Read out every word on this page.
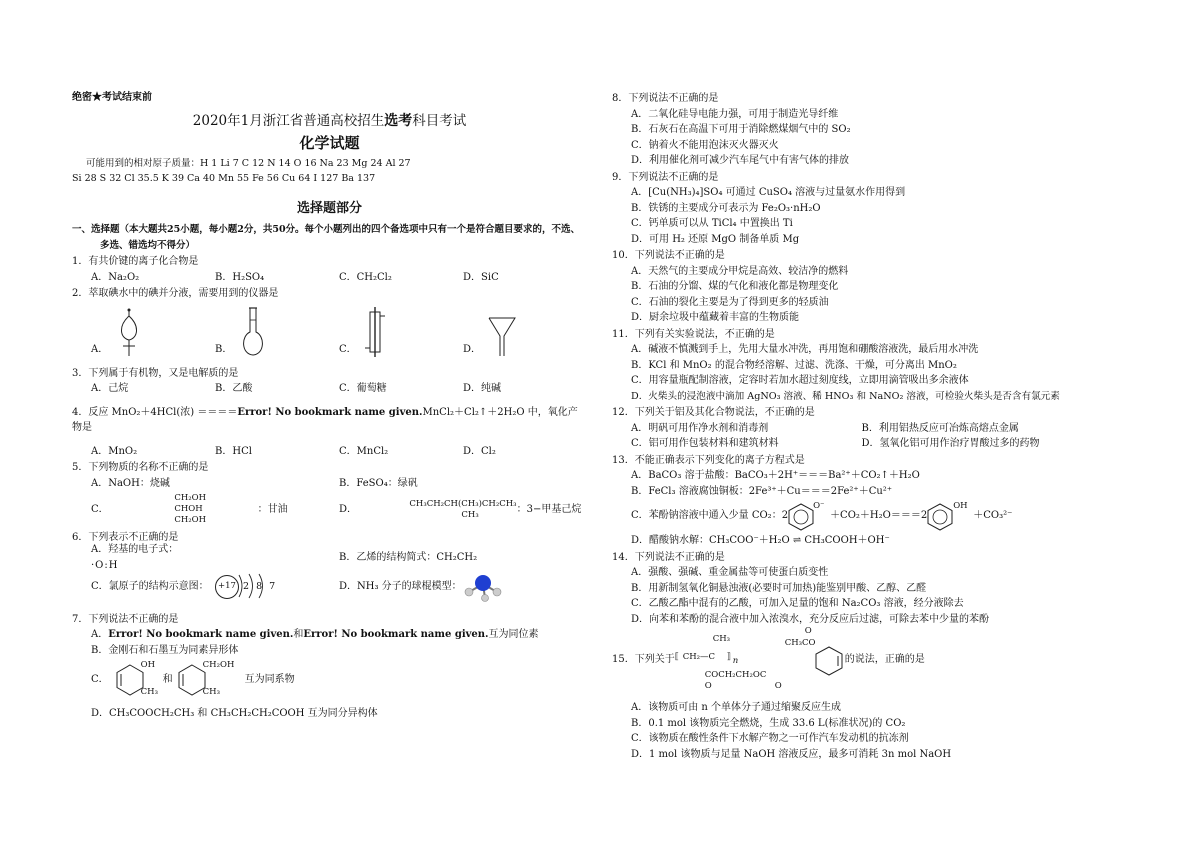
绝密★考试结束前
2020年1月浙江省普通高校招生选考科目考试
化学试题
可能用到的相对原子质量：H 1 Li 7 C 12 N 14 O 16 Na 23 Mg 24 Al 27
Si 28 S 32 Cl 35.5 K 39 Ca 40 Mn 55 Fe 56 Cu 64 I 127 Ba 137
选择题部分
一、选择题（本大题共25小题，每小题2分，共50分。每个小题列出的四个备选项中只有一个是符合题目要求的，不选、多选、错选均不得分）
1．有共价键的离子化合物是
A．Na₂O₂	B．H₂SO₄	C．CH₂Cl₂	D．SiC
2．萃取碘水中的碘并分液，需要用到的仪器是
A．	B．	C．	D．
3．下列属于有机物，又是电解质的是
A．己烷	B．乙酸	C．葡萄糖	D．纯碱
4．反应 MnO₂＋4HCl(浓) ＝＝＝＝Error! No bookmark name given.MnCl₂＋Cl₂↑＋2H₂O 中，氧化产物是
A．MnO₂	B．HCl	C．MnCl₂	D．Cl₂
5．下列物质的名称不正确的是
A．NaOH：烧碱	B．FeSO₄：绿矾
C．
CH₂OH
CHOH
CH₂OH
：甘油	D．
CH₃CH₂CH(CH₃)CH₂CH₃
CH₃	：3−甲基己烷
6．下列表示不正确的是
A．羟基的电子式：
·O:H
B．乙烯的结构简式：CH₂CH₂
C．氯原子的结构示意图：	+17 2 8 7	D．NH₃ 分子的球棍模型：
7．下列说法不正确的是
A．Error! No bookmark name given.和Error! No bookmark name given.互为同位素
B．金刚石和石墨互为同素异形体
C．
OH
CH₃
和
CH₂OH
CH₃
互为同系物
D．CH₃COOCH₂CH₃ 和 CH₃CH₂CH₂COOH 互为同分异构体
8．下列说法不正确的是
A．二氧化硅导电能力强，可用于制造光导纤维
B．石灰石在高温下可用于消除燃煤烟气中的 SO₂
C．钠着火不能用泡沫灭火器灭火
D．利用催化剂可减少汽车尾气中有害气体的排放
9．下列说法不正确的是
A．[Cu(NH₃)₄]SO₄ 可通过 CuSO₄ 溶液与过量氨水作用得到
B．铁锈的主要成分可表示为 Fe₂O₃·nH₂O
C．钙单质可以从 TiCl₄ 中置换出 Ti
D．可用 H₂ 还原 MgO 制备单质 Mg
10．下列说法不正确的是
A．天然气的主要成分甲烷是高效、较洁净的燃料
B．石油的分馏、煤的气化和液化都是物理变化
C．石油的裂化主要是为了得到更多的轻质油
D．厨余垃圾中蕴藏着丰富的生物质能
11．下列有关实验说法，不正确的是
A．碱液不慎溅到手上，先用大量水冲洗，再用饱和硼酸溶液洗，最后用水冲洗
B．KCl 和 MnO₂ 的混合物经溶解、过滤、洗涤、干燥，可分离出 MnO₂
C．用容量瓶配制溶液，定容时若加水超过刻度线，立即用滴管吸出多余液体
D．火柴头的浸泡液中滴加 AgNO₃ 溶液、稀 HNO₃ 和 NaNO₂ 溶液，可检验火柴头是否含有氯元素
12．下列关于铝及其化合物说法，不正确的是
A．明矾可用作净水剂和消毒剂	B．利用铝热反应可冶炼高熔点金属
C．铝可用作包装材料和建筑材料	D．氢氧化铝可用作治疗胃酸过多的药物
13．不能正确表示下列变化的离子方程式是
A．BaCO₃ 溶于盐酸：BaCO₃＋2H⁺＝＝＝Ba²⁺＋CO₂↑＋H₂O
B．FeCl₃ 溶液腐蚀铜板：2Fe³⁺＋Cu＝＝＝2Fe²⁺＋Cu²⁺
C．苯酚钠溶液中通入少量 CO₂：2
O⁻
＋CO₂＋H₂O＝＝＝2
OH
＋CO₃²⁻
D．醋酸钠水解：CH₃COO⁻＋H₂O ⇌ CH₃COOH＋OH⁻
14．下列说法不正确的是
A．强酸、强碱、重金属盐等可使蛋白质变性
B．用新制氢氧化铜悬浊液(必要时可加热)能鉴别甲酸、乙醇、乙醛
C．乙酸乙酯中混有的乙酸，可加入足量的饱和 Na₂CO₃ 溶液，经分液除去
D．向苯和苯酚的混合液中加入浓溴水，充分反应后过滤，可除去苯中少量的苯酚
15．下列关于
CH₃
⟦ CH₂—C ⟧ n
COCH₂CH₂OC
O	O
O
CH₃CO
的说法，正确的是
A．该物质可由 n 个单体分子通过缩聚反应生成
B．0.1 mol 该物质完全燃烧，生成 33.6 L(标准状况)的 CO₂
C．该物质在酸性条件下水解产物之一可作汽车发动机的抗冻剂
D．1 mol 该物质与足量 NaOH 溶液反应，最多可消耗 3n mol NaOH
